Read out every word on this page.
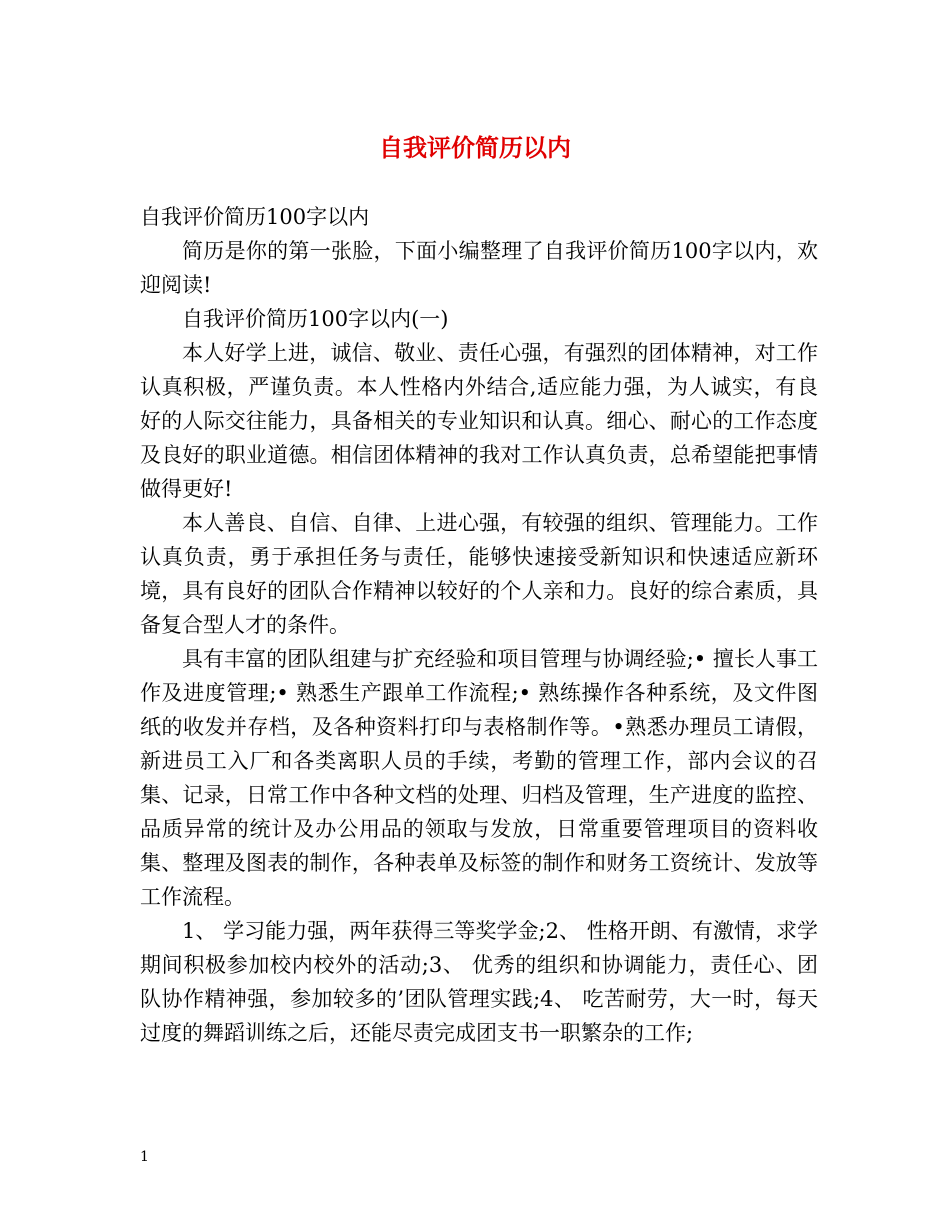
自我评价简历以内

自我评价简历100字以内

简历是你的第一张脸，下面小编整理了自我评价简历100字以内，欢迎阅读!

自我评价简历100字以内(一)

本人好学上进，诚信、敬业、责任心强，有强烈的团体精神，对工作认真积极，严谨负责。本人性格内外结合,适应能力强，为人诚实，有良好的人际交往能力，具备相关的专业知识和认真。细心、耐心的工作态度及良好的职业道德。相信团体精神的我对工作认真负责，总希望能把事情做得更好!

本人善良、自信、自律、上进心强，有较强的组织、管理能力。工作认真负责，勇于承担任务与责任，能够快速接受新知识和快速适应新环境，具有良好的团队合作精神以较好的个人亲和力。良好的综合素质，具备复合型人才的条件。

具有丰富的团队组建与扩充经验和项目管理与协调经验;• 擅长人事工作及进度管理;• 熟悉生产跟单工作流程;• 熟练操作各种系统，及文件图纸的收发并存档，及各种资料打印与表格制作等。•熟悉办理员工请假，新进员工入厂和各类离职人员的手续，考勤的管理工作，部内会议的召集、记录，日常工作中各种文档的处理、归档及管理，生产进度的监控、品质异常的统计及办公用品的领取与发放，日常重要管理项目的资料收集、整理及图表的制作，各种表单及标签的制作和财务工资统计、发放等工作流程。

1、 学习能力强，两年获得三等奖学金;2、 性格开朗、有激情，求学期间积极参加校内校外的活动;3、 优秀的组织和协调能力，责任心、团队协作精神强，参加较多的’团队管理实践;4、 吃苦耐劳，大一时，每天过度的舞蹈训练之后，还能尽责完成团支书一职繁杂的工作;

1
